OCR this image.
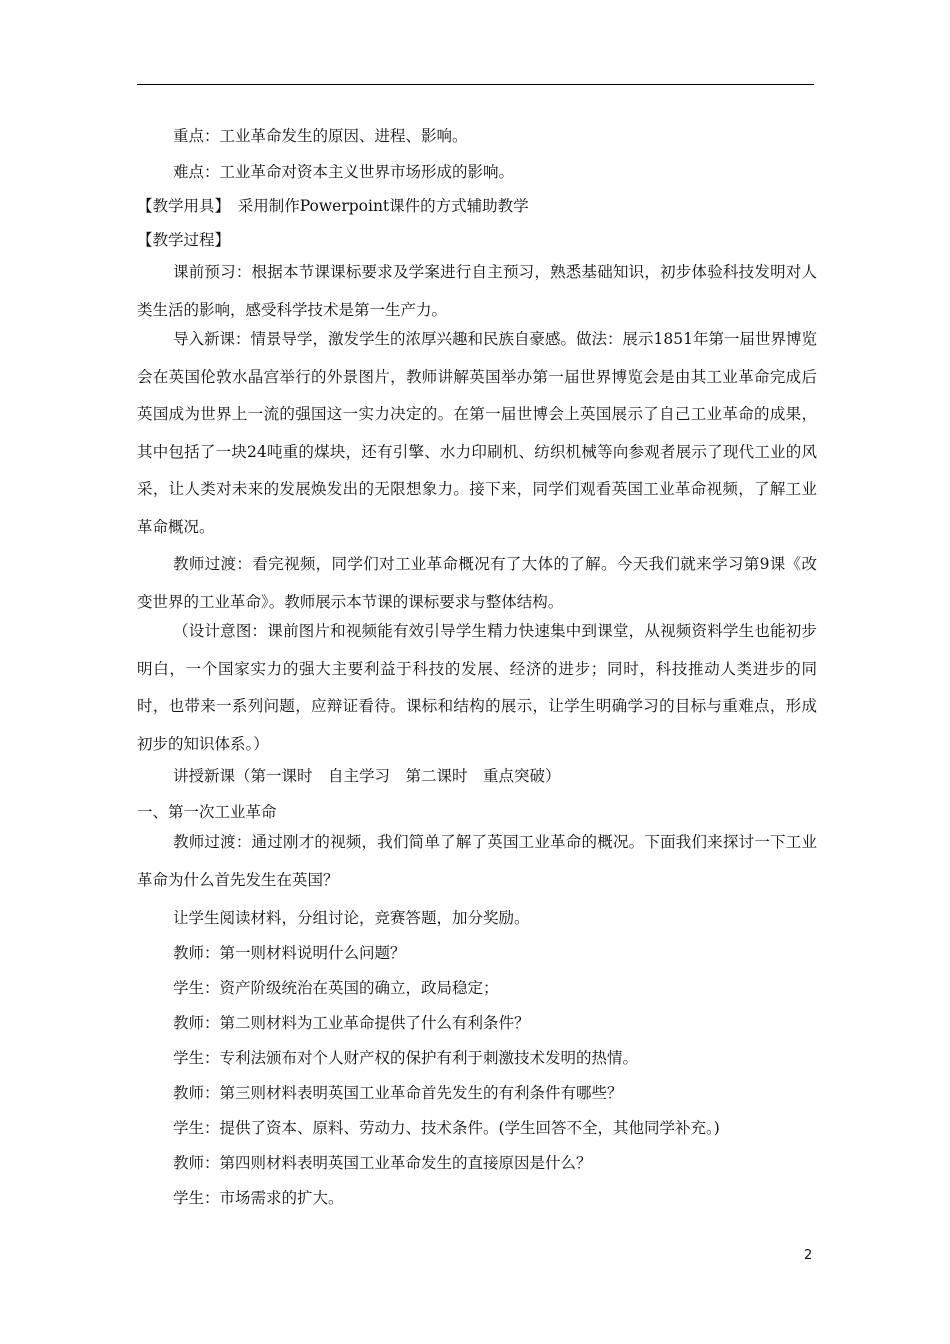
重点：工业革命发生的原因、进程、影响。
难点：工业革命对资本主义世界市场形成的影响。
【教学用具】　采用制作Powerpoint课件的方式辅助教学
【教学过程】
课前预习：根据本节课课标要求及学案进行自主预习，熟悉基础知识，初步体验科技发明对人类生活的影响，感受科学技术是第一生产力。
导入新课：情景导学，激发学生的浓厚兴趣和民族自豪感。做法：展示1851年第一届世界博览会在英国伦敦水晶宫举行的外景图片，教师讲解英国举办第一届世界博览会是由其工业革命完成后英国成为世界上一流的强国这一实力决定的。在第一届世博会上英国展示了自己工业革命的成果，其中包括了一块24吨重的煤块，还有引擎、水力印刷机、纺织机械等向参观者展示了现代工业的风采，让人类对未来的发展焕发出的无限想象力。接下来，同学们观看英国工业革命视频，了解工业革命概况。
教师过渡：看完视频，同学们对工业革命概况有了大体的了解。今天我们就来学习第9课《改变世界的工业革命》。教师展示本节课的课标要求与整体结构。
（设计意图：课前图片和视频能有效引导学生精力快速集中到课堂，从视频资料学生也能初步明白，一个国家实力的强大主要利益于科技的发展、经济的进步；同时，科技推动人类进步的同时，也带来一系列问题，应辩证看待。课标和结构的展示，让学生明确学习的目标与重难点，形成初步的知识体系。）
讲授新课（第一课时　自主学习　第二课时　重点突破）
一、第一次工业革命
教师过渡：通过刚才的视频，我们简单了解了英国工业革命的概况。下面我们来探讨一下工业革命为什么首先发生在英国？
让学生阅读材料，分组讨论，竞赛答题，加分奖励。
教师：第一则材料说明什么问题？
学生：资产阶级统治在英国的确立，政局稳定；
教师：第二则材料为工业革命提供了什么有利条件？
学生：专利法颁布对个人财产权的保护有利于刺激技术发明的热情。
教师：第三则材料表明英国工业革命首先发生的有利条件有哪些？
学生：提供了资本、原料、劳动力、技术条件。(学生回答不全，其他同学补充。)
教师：第四则材料表明英国工业革命发生的直接原因是什么？
学生：市场需求的扩大。
2
